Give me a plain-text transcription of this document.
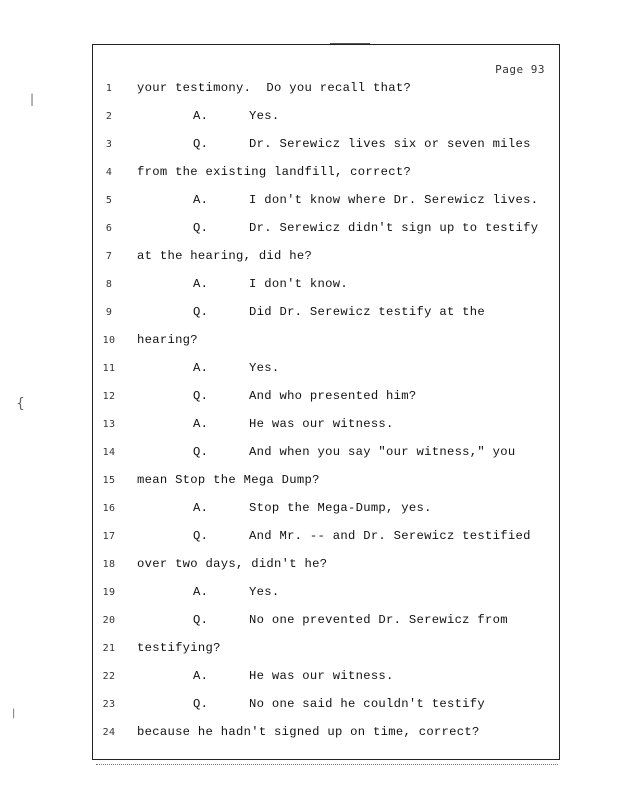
Page 93
1	your testimony.  Do you recall that?
2	A.	Yes.
3	Q.	Dr. Serewicz lives six or seven miles
4	from the existing landfill, correct?
5	A.	I don't know where Dr. Serewicz lives.
6	Q.	Dr. Serewicz didn't sign up to testify
7	at the hearing, did he?
8	A.	I don't know.
9	Q.	Did Dr. Serewicz testify at the
10	hearing?
11	A.	Yes.
12	Q.	And who presented him?
13	A.	He was our witness.
14	Q.	And when you say "our witness," you
15	mean Stop the Mega Dump?
16	A.	Stop the Mega-Dump, yes.
17	Q.	And Mr. -- and Dr. Serewicz testified
18	over two days, didn't he?
19	A.	Yes.
20	Q.	No one prevented Dr. Serewicz from
21	testifying?
22	A.	He was our witness.
23	Q.	No one said he couldn't testify
24	because he hadn't signed up on time, correct?
|
{
|
